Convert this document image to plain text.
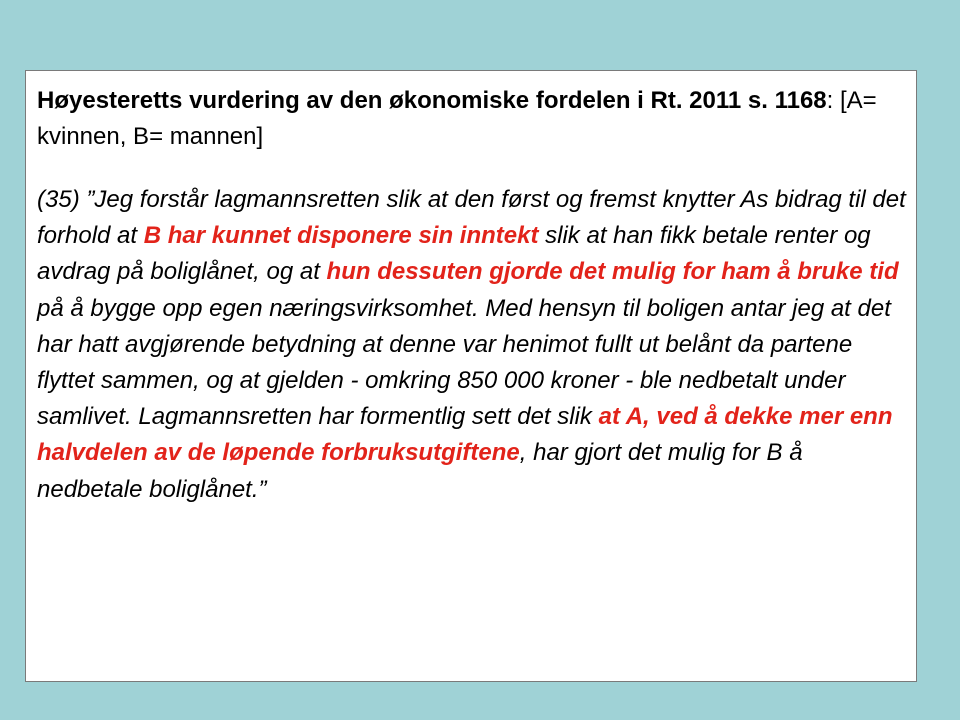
Høyesteretts vurdering av den økonomiske fordelen i Rt. 2011 s. 1168: [A= kvinnen, B= mannen]

(35) ”Jeg forstår lagmannsretten slik at den først og fremst knytter As bidrag til det forhold at B har kunnet disponere sin inntekt slik at han fikk betale renter og avdrag på boliglånet, og at hun dessuten gjorde det mulig for ham å bruke tid på å bygge opp egen næringsvirksomhet. Med hensyn til boligen antar jeg at det har hatt avgjørende betydning at denne var henimot fullt ut belånt da partene flyttet sammen, og at gjelden - omkring 850 000 kroner - ble nedbetalt under samlivet. Lagmannsretten har formentlig sett det slik at A, ved å dekke mer enn halvdelen av de løpende forbruksutgiftene, har gjort det mulig for B å nedbetale boliglånet.”
